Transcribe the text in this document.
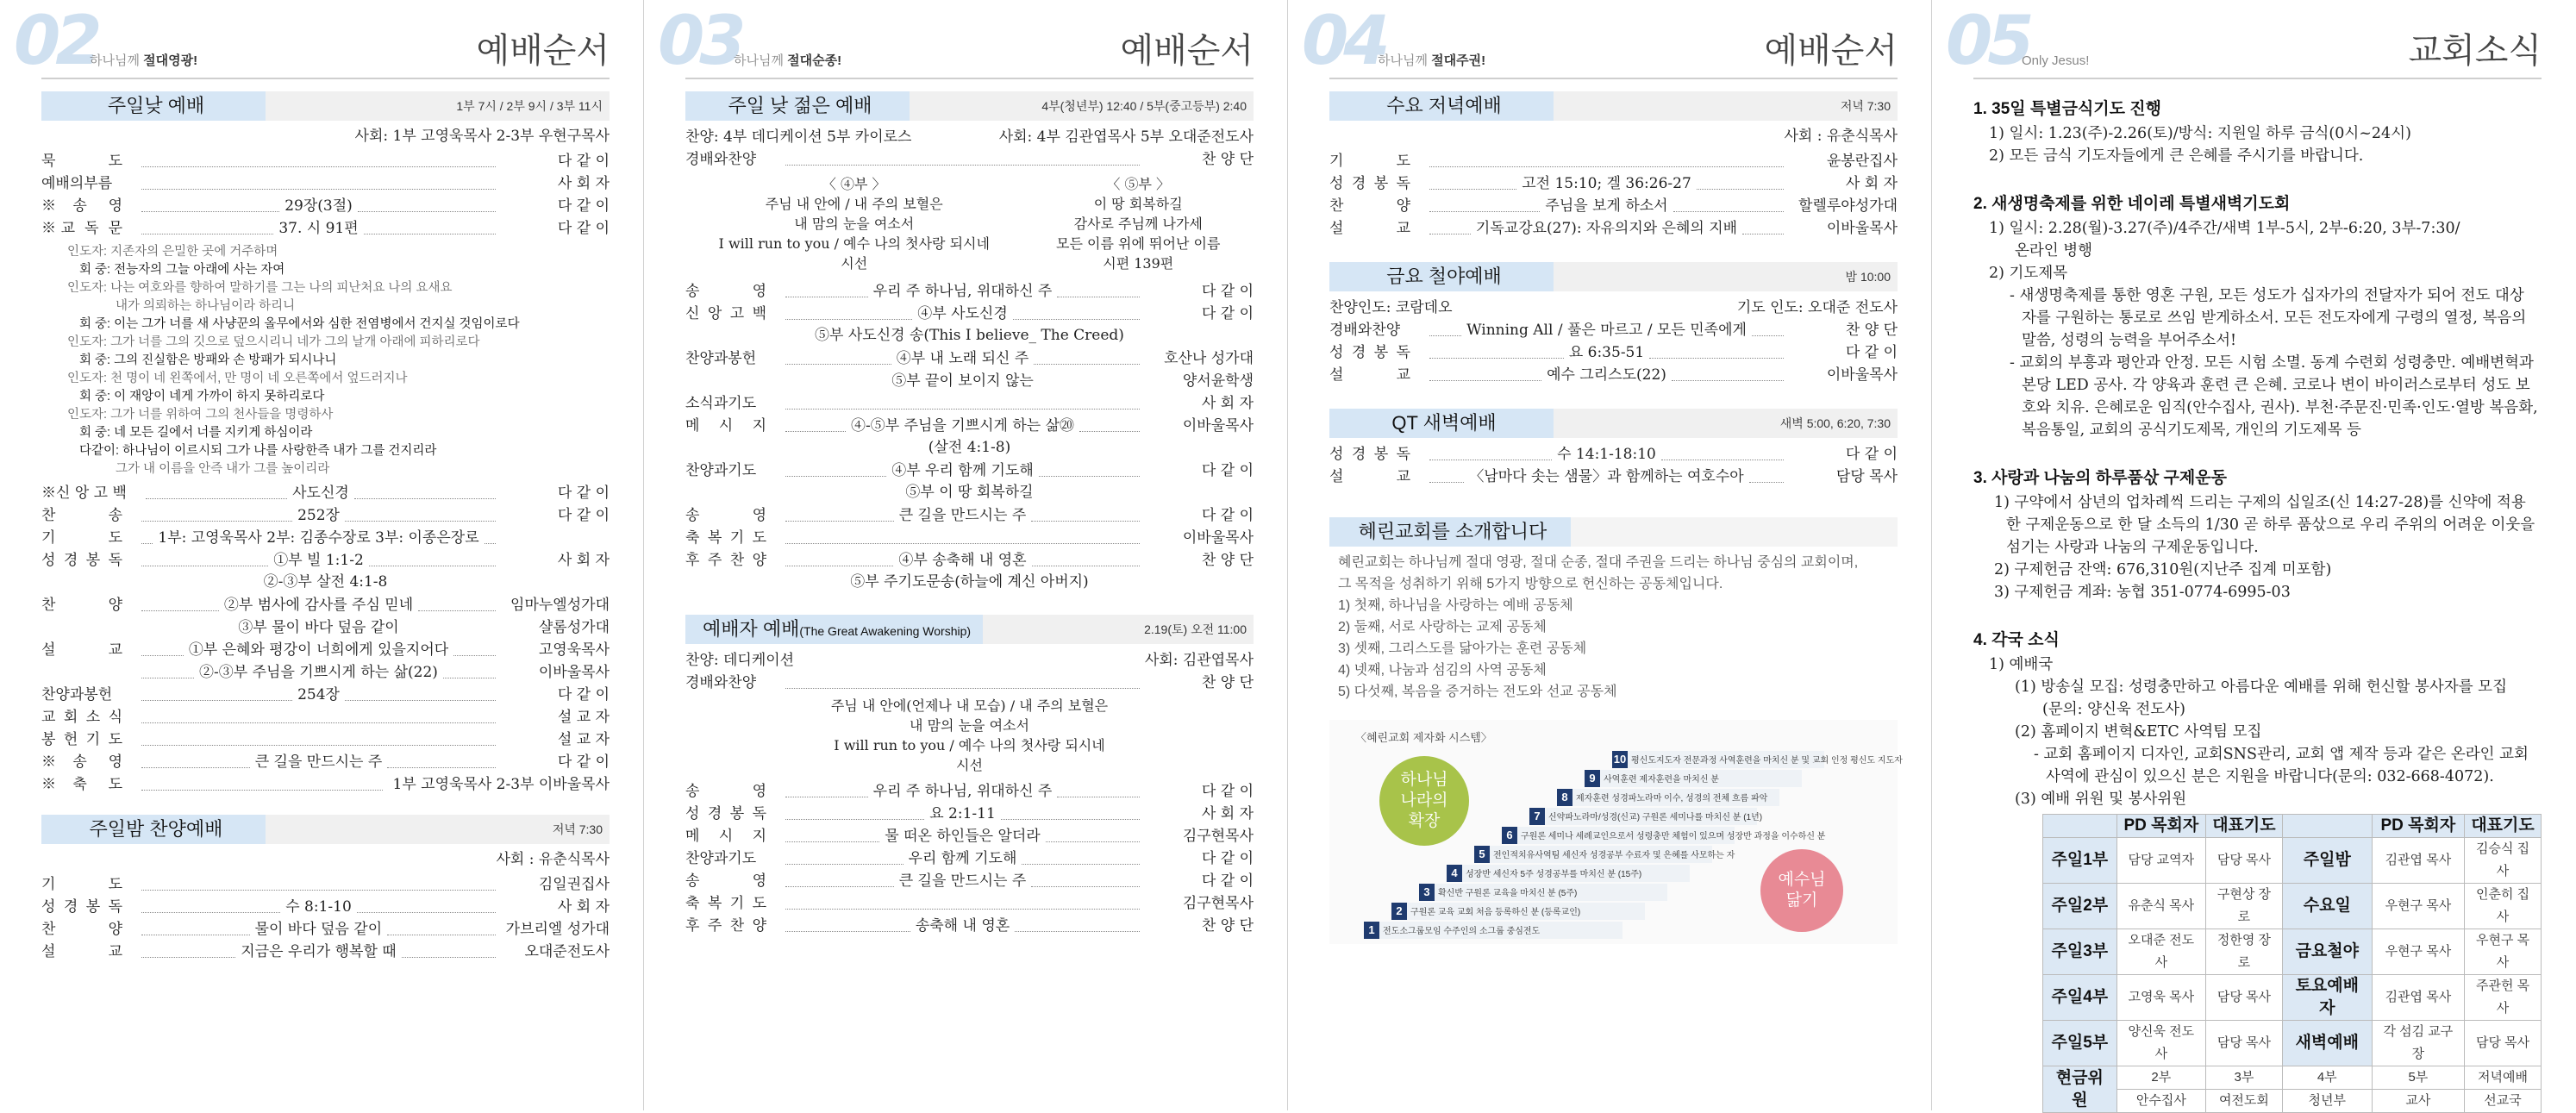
02
하나님께 절대영광!	예배순서
주일낮 예배	1부 7시 / 2부 9시 / 3부 11시
사회: 1부 고영욱목사 2-3부 우현구목사
묵 도	다 같 이
예배의부름	사 회 자
※송 영	29장(3절)	다 같 이
※교 독 문	37. 시 91편	다 같 이
인도자: 지존자의 은밀한 곳에 거주하며
회 중: 전능자의 그늘 아래에 사는 자여
인도자: 나는 여호와를 향하여 말하기를 그는 나의 피난처요 나의 요새요
내가 의뢰하는 하나님이라 하리니
회 중: 이는 그가 너를 새 사냥꾼의 올무에서와 심한 전염병에서 건지실 것임이로다
인도자: 그가 너를 그의 깃으로 덮으시리니 네가 그의 날개 아래에 피하리로다
회 중: 그의 진실함은 방패와 손 방패가 되시나니
인도자: 천 명이 네 왼쪽에서, 만 명이 네 오른쪽에서 엎드러지나
회 중: 이 재앙이 네게 가까이 하지 못하리로다
인도자: 그가 너를 위하여 그의 천사들을 명령하사
회 중: 네 모든 길에서 너를 지키게 하심이라
다같이: 하나님이 이르시되 그가 나를 사랑한즉 내가 그를 건지리라
그가 내 이름을 안즉 내가 그를 높이리라
※신 앙 고 백	사도신경	다 같 이
찬 송	252장	다 같 이
기 도	1부: 고영욱목사 2부: 김종수장로 3부: 이종은장로
성 경 봉 독	①부 빌 1:1-2	사 회 자
②-③부 살전 4:1-8
찬 양	②부 범사에 감사를 주심 믿네	임마누엘성가대
③부 물이 바다 덮음 같이	샬롬성가대
설 교	①부 은혜와 평강이 너희에게 있을지어다	고영욱목사
②-③부 주님을 기쁘시게 하는 삶(22)	이바울목사
찬양과봉헌	254장	다 같 이
교 회 소 식	설 교 자
봉 헌 기 도	설 교 자
※송 영	큰 길을 만드시는 주	다 같 이
※축 도	1부 고영욱목사 2-3부 이바울목사
주일밤 찬양예배	저녁 7:30
사회 : 유춘식목사
기 도	김일권집사
성 경 봉 독	수 8:1-10	사 회 자
찬 양	물이 바다 덮음 같이	가브리엘 성가대
설 교	지금은 우리가 행복할 때	오대준전도사
03
하나님께 절대순종!	예배순서
주일 낮 젊은 예배	4부(청년부) 12:40 / 5부(중고등부) 2:40
찬양: 4부 데디케이션 5부 카이로스	사회: 4부 김관엽목사 5부 오대준전도사
경배와찬양	찬 양 단
〈 ④부 〉
주님 내 안에 / 내 주의 보혈은
내 맘의 눈을 여소서
I will run to you / 예수 나의 첫사랑 되시네
시선
〈 ⑤부 〉
이 땅 회복하길
감사로 주님께 나가세
모든 이름 위에 뛰어난 이름
시편 139편
송 영	우리 주 하나님, 위대하신 주	다 같 이
신 앙 고 백	④부 사도신경	다 같 이
⑤부 사도신경 송(This I believe_ The Creed)
찬양과봉헌	④부 내 노래 되신 주	호산나 성가대
⑤부 끝이 보이지 않는	양서윤학생
소식과기도	사 회 자
메 시 지	④-⑤부 주님을 기쁘시게 하는 삶⑳	이바울목사
(살전 4:1-8)
찬양과기도	④부 우리 함께 기도해	다 같 이
⑤부 이 땅 회복하길
송 영	큰 길을 만드시는 주	다 같 이
축 복 기 도	이바울목사
후 주 찬 양	④부 송축해 내 영혼	찬 양 단
⑤부 주기도문송(하늘에 계신 아버지)
예배자 예배(The Great Awakening Worship)	2.19(토) 오전 11:00
찬양: 데디케이션	사회: 김관엽목사
경배와찬양	찬 양 단
주님 내 안에(언제나 내 모습) / 내 주의 보혈은
내 맘의 눈을 여소서
I will run to you / 예수 나의 첫사랑 되시네
시선
송 영	우리 주 하나님, 위대하신 주	다 같 이
성 경 봉 독	요 2:1-11	사 회 자
메 시 지	물 떠온 하인들은 알더라	김구현목사
찬양과기도	우리 함께 기도해	다 같 이
송 영	큰 길을 만드시는 주	다 같 이
축 복 기 도	김구현목사
후 주 찬 양	송축해 내 영혼	찬 양 단
04
하나님께 절대주권!	예배순서
수요 저녁예배	저녁 7:30
사회 : 유춘식목사
기 도	윤봉란집사
성 경 봉 독	고전 15:10; 겔 36:26-27	사 회 자
찬 양	주님을 보게 하소서	할렐루야성가대
설 교	기독교강요(27): 자유의지와 은혜의 지배	이바울목사
금요 철야예배	밤 10:00
찬양인도: 코람데오	기도 인도: 오대준 전도사
경배와찬양	Winning All / 풀은 마르고 / 모든 민족에게	찬 양 단
성 경 봉 독	요 6:35-51	다 같 이
설 교	예수 그리스도(22)	이바울목사
QT 새벽예배	새벽 5:00, 6:20, 7:30
성 경 봉 독	수 14:1-18:10	다 같 이
설 교	〈남마다 솟는 샘물〉과 함께하는 여호수아	담당 목사
혜린교회를 소개합니다
혜린교회는 하나님께 절대 영광, 절대 순종, 절대 주권을 드리는 하나님 중심의 교회이며,
그 목적을 성취하기 위해 5가지 방향으로 헌신하는 공동체입니다.
1) 첫째, 하나님을 사랑하는 예배 공동체
2) 둘째, 서로 사랑하는 교제 공동체
3) 셋째, 그리스도를 닮아가는 훈련 공동체
4) 넷째, 나눔과 섬김의 사역 공동체
5) 다섯째, 복음을 증거하는 전도와 선교 공동체
〈혜린교회 제자화 시스템〉
하나님
나라의
확장
예수님
닮기
1 전도소그룹모임 수주인의 소그룹 중심전도
2 구원론 교육 교회 처음 등록하신 분 (등록교인)
3 확신반 구원론 교육을 마치신 분 (5주)
4 성장반 세신자 5주 성경공부를 마치신 분 (15주)
5 전인적치유사역팀 세신자 성경공부 수료자 및 은혜를 사모하는 자
6 구원론 세미나 세례교인으로서 성령충만 체험이 있으며 성장반 과정을 이수하신 분
7 신약파노라마/성경(신교) 구원론 세미나를 마치신 분 (1년)
8 제자훈련 성경파노라마 이수, 성경의 전체 흐름 파악
9 사역훈련 제자훈련을 마치신 분
10 평신도지도자 전문과정 사역훈련을 마치신 분 및 교회 인정 평신도 지도자
05
Only Jesus!	교회소식
1. 35일 특별금식기도 진행
1) 일시: 1.23(주)-2.26(토)/방식: 지원일 하루 금식(0시~24시)
2) 모든 금식 기도자들에게 큰 은혜를 주시기를 바랍니다.
2. 새생명축제를 위한 네이레 특별새벽기도회
1) 일시: 2.28(월)-3.27(주)/4주간/새벽 1부-5시, 2부-6:20, 3부-7:30/
온라인 병행
2) 기도제목
- 새생명축제를 통한 영혼 구원, 모든 성도가 십자가의 전달자가 되어 전도 대상자를 구원하는 통로로 쓰임 받게하소서. 모든 전도자에게 구령의 열정, 복음의 말씀, 성령의 능력을 부어주소서!
- 교회의 부흥과 평안과 안정. 모든 시험 소멸. 동계 수련회 성령충만. 예배변혁과 본당 LED 공사. 각 양육과 훈련 큰 은혜. 코로나 변이 바이러스로부터 성도 보호와 치유. 은혜로운 임직(안수집사, 권사). 부천·주문진·민족·인도·열방 복음화, 복음통일, 교회의 공식기도제목, 개인의 기도제목 등
3. 사랑과 나눔의 하루품삯 구제운동
1) 구약에서 삼년의 업차례씩 드리는 구제의 십일조(신 14:27-28)를 신약에 적용한 구제운동으로 한 달 소득의 1/30 곧 하루 품삯으로 우리 주위의 어려운 이웃을 섬기는 사랑과 나눔의 구제운동입니다.
2) 구제헌금 잔액: 676,310원(지난주 집계 미포함)
3) 구제헌금 계좌: 농협 351-0774-6995-03
4. 각국 소식
1) 예배국
(1) 방송실 모집: 성령충만하고 아름다운 예배를 위해 헌신할 봉사자를 모집
(문의: 양신욱 전도사)
(2) 홈페이지 변혁&ETC 사역팀 모집
- 교회 홈페이지 디자인, 교회SNS관리, 교회 앱 제작 등과 같은 온라인 교회 사역에 관심이 있으신 분은 지원을 바랍니다(문의: 032-668-4072).
(3) 예배 위원 및 봉사위원
	PD 목회자	대표기도		PD 목회자	대표기도
주일1부	담당 교역자	담당 목사	주일밤	김관엽 목사	김승식 집사
주일2부	유춘식 목사	구현상 장로	수요일	우현구 목사	인춘히 집사
주일3부	오대준 전도사	정한영 장로	금요철야	우현구 목사	우현구 목사
주일4부	고영욱 목사	담당 목사	토요예배자	김관엽 목사	주관헌 목사
주일5부	양신욱 전도사	담당 목사	새벽예배	각 섬김 교구장	담당 목사
현금위원	2부	3부	4부	5부	저녁예배
	안수집사	여전도회	청년부	교사	선교국
